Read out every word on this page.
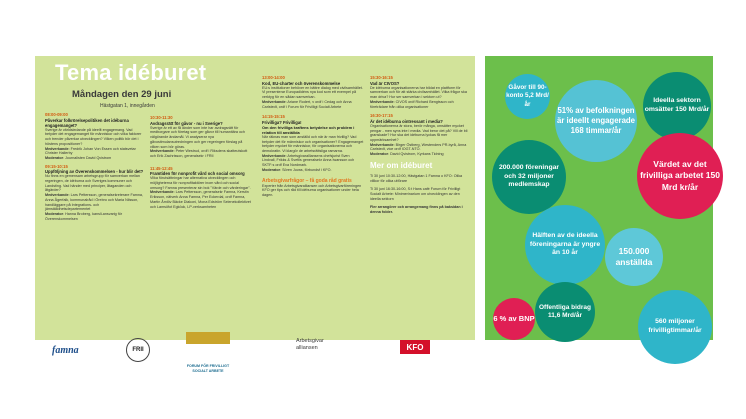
Tema idéburet
Måndagen den 29 juni
Hästgatan 1, innegården
08:00-09:00
Påverkar folkrörelsepolitiken det idéburna engagemanget?
Sverige är världsledande på ideellt engagemang. Vad betyder det engagemanget för människor och vilka faktorer och trender påverkar utvecklingen? Vilken politik bör det i höstens propositioner?
Medverkande: Fredrik Johan Von Essen och statsvetar Christer Hallerby
Moderator: Journalisten David Qvistrom
09:15-10:15
Uppföljning av Överenskommelsen - hur blir det?
Nu finns en gemensam arbetsgrupp för samverkan mellan regeringen, de idéburna och Sveriges kommuner och Landsting. Vad händer med principer, åtaganden och åtgärder?
Medverkande: Lars Pettersson, generalsekreterare Famna, Anna Ågerfalk, kommunalråd i Örebro och Maria Nilsson, handläggare på Integrations- och jämställdhetsdepartementet
Moderator: Hanna Broberg, kansli-ansvarig för Överenskommelsen
10:30-11:30
Avdragsrätt för gåvor - nu i Sverige?
Sverige är ett av få länder som inte har avdragsrätt för medborgare och företag som ger gåvor till humanitära och välgörande ändamål. Vi analyserar nya gåvostimulansutredningen och ger regeringen förslag på vilken som bör göras.
Medverkande: Peter Westrud, ordf i Riksdens skatteutskott och Erik Zachrisson, generalsekr i FRII
11:45-12:45
Framtiden för nonprofit vård och social omsorg
Vilka förutsättningar har alternativa utvecklingen och möjligheterna för nonprofitaktörer inom vård och social omsorg? Famna presenterar sin bok "Värde och värderingar".
Medverkande: Lars Pettersson, generalsekr Famna, Kerstin Eriksson, nätverk Anna Famna, Per Eckerdal, ordf Famna, Martin Åmlöv Bäcke Diakoni, Mona Edström Selenekollektivet och Lamsöfot Egköck, LP-verksamheten
13:00-14:00
Kod, EU-charter och överenskommelse
EU:s institutioner behöver en bättre dialog med civilsamhället. Vi presenterar Europadidéns nya kod som ett exempel på verktyg för en sådan samverkan.
Medverkande: Ariane Rodert, v ordf i Cedag och Anna Carlstedt, ordf i Forum för Frivilligt Socialt Arbete
14:15-15:15
Frivilliga? Frivilliga!
Om den frivilliga kraftens betydelse och problem i relation till anställda
När räknas man som anställd och när är man frivillig? Vad betyder det för människor och organisationer? Engagemanget betyder mycket för människor, för organisationerna och demokratin. Vi klargör de arbetsrättsliga ramarna.
Medverkande: Arbetsgivaralliansens chefsjurist Sven Lindvall, Frikks & Svetlis generalsekr Anna Iwarsson och SKTF:s ordf Eva Nordmark.
Moderator: Sören Juvas, förbundsf i KFO.
Arbetsgivarfrågor – få goda råd gratis
Experter från Arbetsgivaralliansen och Arbetsgivarföreningen KFO ger tips och råd till idéburna organisationer under hela dagen.
15:30-16:15
Vad är CIVOS?
De idéburna organisationerna har bildat en plattform för samverkan och för att stärka civilsamhället. Vilka frågor ska man driva? Hur ser samverkan i sektorn ut?
Medverkande: CIVOS ordf Richard Bengtsson och företrädare från olika organisationer
16:30-17:15
Är det idéburna ointressant i media?
Organisationerna är stora, berör många, omsätter mycket pengar - men syns inte i media. Vad beror det på? Vill de bli granskade? Hur ska det idéburna lyckas få mer uppmärksamhet?
Medverkande: Birger Östberg, Westenders PR-byrå, Anna Carlstedt, vice ordf IOGT-NTO.
Moderator: David Qvistrom, Kyrkans Tidning
Mer om idéburet
Ti 30 juni 10:30-12:00, Hästgatan 1 Famna o KFO: Olika villkor för olika utförare
Ti 30 juni 16:30-16:00, S:t Hans café Forum för Frivilligt Socialt Arbete: Minimerinarium om utvecklingen av den ideella sektorn
Fler arrangörer och arrangemang finns på baksidan i denna folder.
famna	FRII
FORUM FÖR FRIVILLIGT SOCIALT ARBETE
Arbetsgivar alliansen	KFO
Gåvor till 90-konto 5,2 Mrd/år
51% av befolkningen är ideellt engagerade 168 timmar/år
Ideella sektorn omsätter 150 Mrd/år
Värdet av det frivilliga arbetet 150 Mrd kr/år
200.000 föreningar och 32 miljoner medlemskap
Hälften av de ideella föreningarna är yngre än 10 år	150.000 anställda
6 % av BNP
Offentliga bidrag 11,6 Mrd/år
560 miljoner frivilligtimmar/år
